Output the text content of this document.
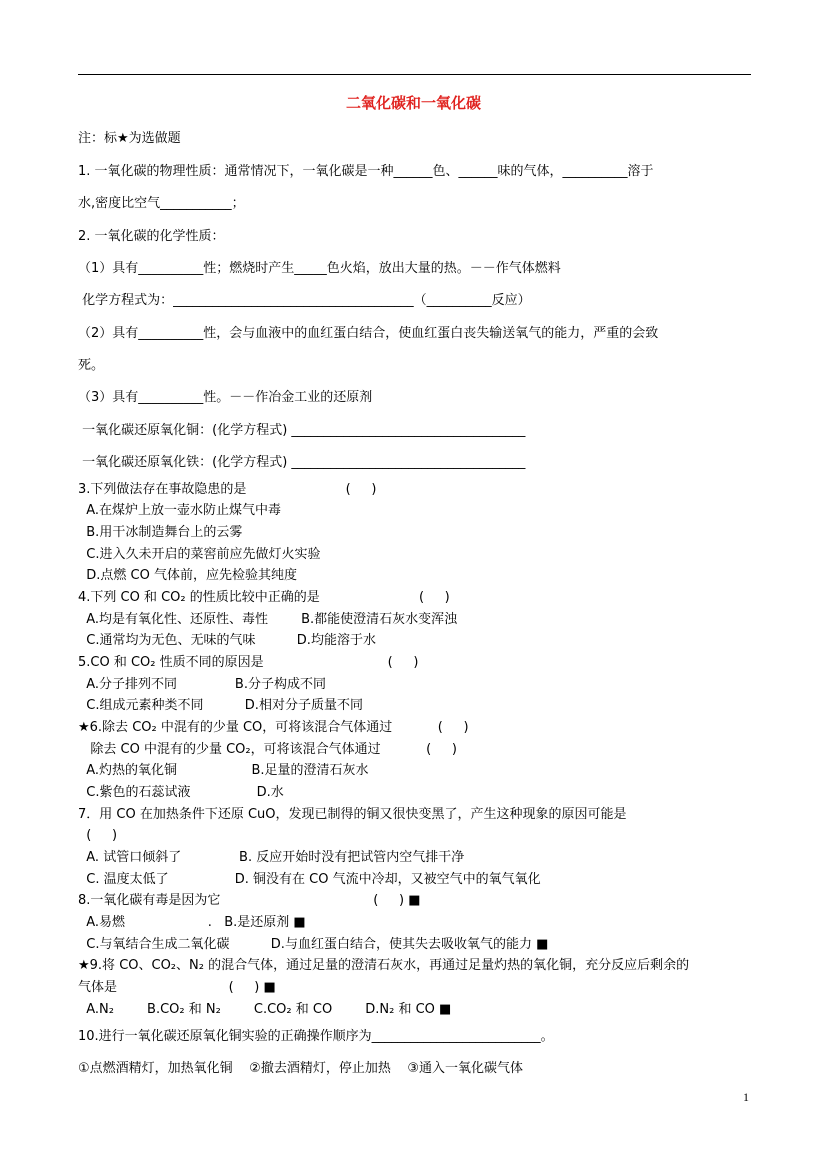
二氧化碳和一氧化碳
注：标★为选做题
1. 一氧化碳的物理性质：通常情况下，一氧化碳是一种______色、______味的气体，__________溶于
水,密度比空气___________；
2. 一氧化碳的化学性质：
（1）具有__________性；燃烧时产生_____色火焰，放出大量的热。－－作气体燃料
化学方程式为：_____________________________________（__________反应）
（2）具有__________性，会与血液中的血红蛋白结合，使血红蛋白丧失输送氧气的能力，严重的会致
死。
（3）具有__________性。－－作冶金工业的还原剂
一氧化碳还原氧化铜：(化学方程式) ____________________________________
一氧化碳还原氧化铁：(化学方程式) ____________________________________
3.下列做法存在事故隐患的是                        (     )
A.在煤炉上放一壶水防止煤气中毒
B.用干冰制造舞台上的云雾
C.进入久未开启的菜窖前应先做灯火实验
D.点燃 CO 气体前，应先检验其纯度
4.下列 CO 和 CO₂ 的性质比较中正确的是                        (     )
A.均是有氧化性、还原性、毒性        B.都能使澄清石灰水变浑浊
C.通常均为无色、无味的气味          D.均能溶于水
5.CO 和 CO₂ 性质不同的原因是                              (     )
A.分子排列不同              B.分子构成不同
C.组成元素种类不同          D.相对分子质量不同
★6.除去 CO₂ 中混有的少量 CO，可将该混合气体通过           (     )
除去 CO 中混有的少量 CO₂，可将该混合气体通过           (     )
A.灼热的氧化铜                  B.足量的澄清石灰水
C.紫色的石蕊试液                D.水
7．用 CO 在加热条件下还原 CuO，发现已制得的铜又很快变黑了，产生这种现象的原因可能是
(     )
A. 试管口倾斜了              B. 反应开始时没有把试管内空气排干净
C. 温度太低了                D. 铜没有在 CO 气流中冷却，又被空气中的氧气氧化
8.一氧化碳有毒是因为它                                     (     ) ■
A.易燃                    .   B.是还原剂 ■
C.与氧结合生成二氧化碳          D.与血红蛋白结合，使其失去吸收氧气的能力 ■
★9.将 CO、CO₂、N₂ 的混合气体，通过足量的澄清石灰水，再通过足量灼热的氧化铜，充分反应后剩余的
气体是                           (     ) ■
A.N₂        B.CO₂ 和 N₂        C.CO₂ 和 CO        D.N₂ 和 CO ■
10.进行一氧化碳还原氧化铜实验的正确操作顺序为__________________________。
①点燃酒精灯，加热氧化铜    ②撤去酒精灯，停止加热    ③通入一氧化碳气体
1
